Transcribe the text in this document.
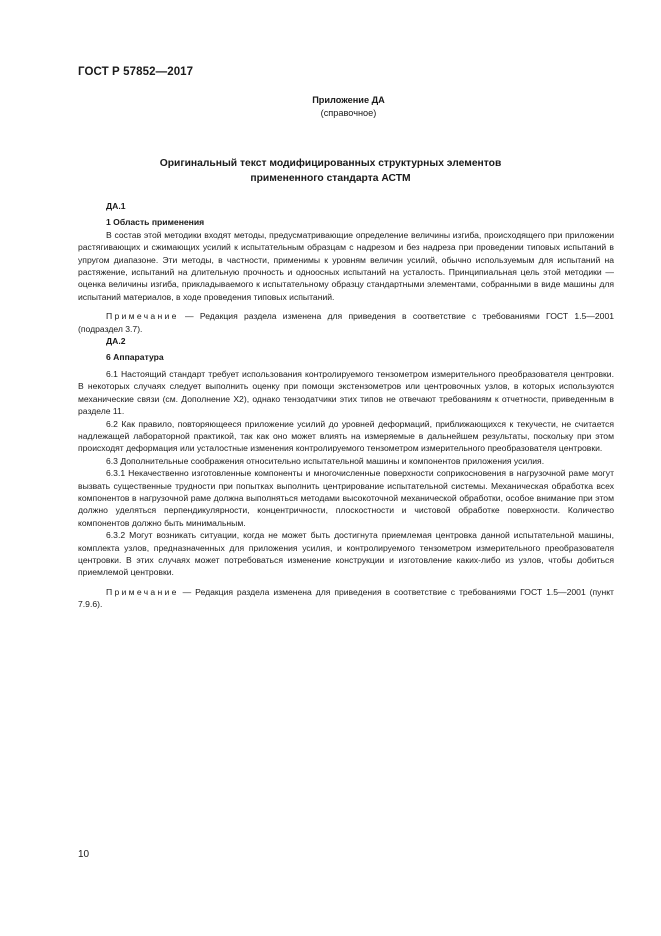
ГОСТ Р 57852—2017
Приложение ДА
(справочное)
Оригинальный текст модифицированных структурных элементов
примененного стандарта АСТМ

ДА.1

1 Область применения

В состав этой методики входят методы, предусматривающие определение величины изгиба, происходящего при приложении растягивающих и сжимающих усилий к испытательным образцам с надрезом и без надреза при проведении типовых испытаний в упругом диапазоне. Эти методы, в частности, применимы к уровням величин усилий, обычно используемым для испытаний на растяжение, испытаний на длительную прочность и одноосных испытаний на усталость. Принципиальная цель этой методики — оценка величины изгиба, прикладываемого к испытательному образцу стандартными элементами, собранными в виде машины для испытаний материалов, в ходе проведения типовых испытаний.

Примечание — Редакция раздела изменена для приведения в соответствие с требованиями ГОСТ 1.5—2001 (подраздел 3.7).

ДА.2

6 Аппаратура

6.1 Настоящий стандарт требует использования контролируемого тензометром измерительного преобразователя центровки. В некоторых случаях следует выполнить оценку при помощи экстензометров или центровочных узлов, в которых используются механические связи (см. Дополнение Х2), однако тензодатчики этих типов не отвечают требованиям к отчетности, приведенным в разделе 11.

6.2 Как правило, повторяющееся приложение усилий до уровней деформаций, приближающихся к текучести, не считается надлежащей лабораторной практикой, так как оно может влиять на измеряемые в дальнейшем результаты, поскольку при этом происходят деформация или усталостные изменения контролируемого тензометром измерительного преобразователя центровки.

6.3 Дополнительные соображения относительно испытательной машины и компонентов приложения усилия.

6.3.1 Некачественно изготовленные компоненты и многочисленные поверхности соприкосновения в нагрузочной раме могут вызвать существенные трудности при попытках выполнить центрирование испытательной системы. Механическая обработка всех компонентов в нагрузочной раме должна выполняться методами высокоточной механической обработки, особое внимание при этом должно уделяться перпендикулярности, концентричности, плоскостности и чистовой обработке поверхности. Количество компонентов должно быть минимальным.

6.3.2 Могут возникать ситуации, когда не может быть достигнута приемлемая центровка данной испытательной машины, комплекта узлов, предназначенных для приложения усилия, и контролируемого тензометром измерительного преобразователя центровки. В этих случаях может потребоваться изменение конструкции и изготовление каких-либо из узлов, чтобы добиться приемлемой центровки.

Примечание — Редакция раздела изменена для приведения в соответствие с требованиями ГОСТ 1.5—2001 (пункт 7.9.6).

10
